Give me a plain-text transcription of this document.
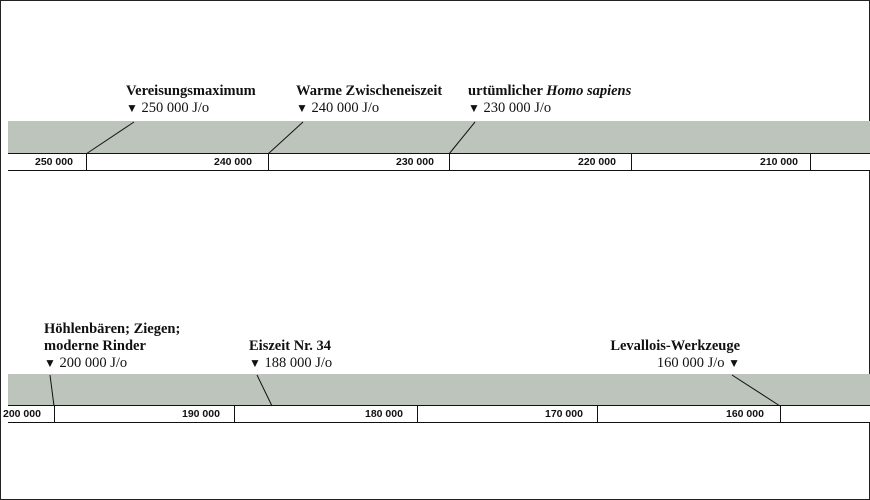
250 000	240 000	230 000	220 000	210 000
Vereisungsmaximum
▼ 250 000 J/o
Warme Zwischeneiszeit
▼ 240 000 J/o
urtümlicher Homo sapiens
▼ 230 000 J/o
200 000	190 000	180 000	170 000	160 000
Höhlenbären; Ziegen;
moderne Rinder
▼ 200 000 J/o
Eiszeit Nr. 34
▼ 188 000 J/o
Levallois-Werkzeuge
160 000 J/o ▼
